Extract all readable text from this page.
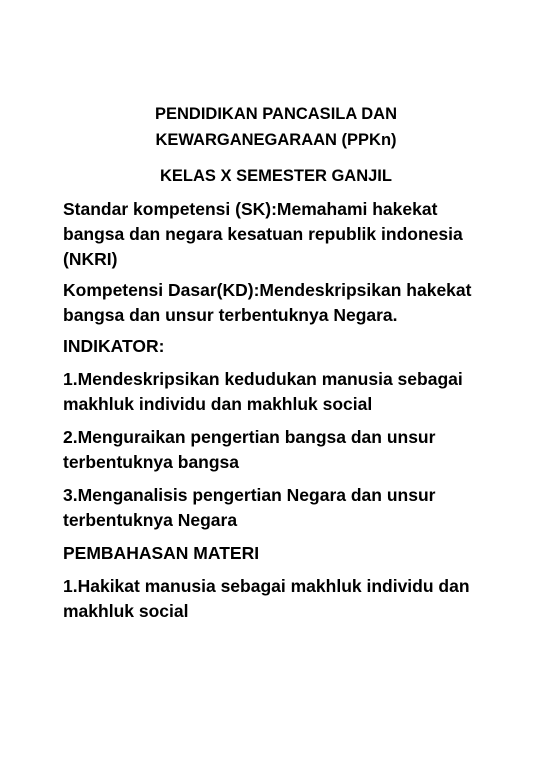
PENDIDIKAN PANCASILA DAN

KEWARGANEGARAAN (PPKn)

KELAS X SEMESTER GANJIL

Standar kompetensi (SK):Memahami hakekat bangsa dan negara kesatuan republik indonesia (NKRI)

Kompetensi Dasar(KD):Mendeskripsikan hakekat bangsa dan unsur terbentuknya Negara.

INDIKATOR:

1.Mendeskripsikan kedudukan manusia sebagai makhluk individu dan makhluk social

2.Menguraikan pengertian bangsa dan unsur terbentuknya bangsa

3.Menganalisis pengertian Negara dan unsur terbentuknya Negara

PEMBAHASAN MATERI

1.Hakikat manusia sebagai makhluk individu dan makhluk social
